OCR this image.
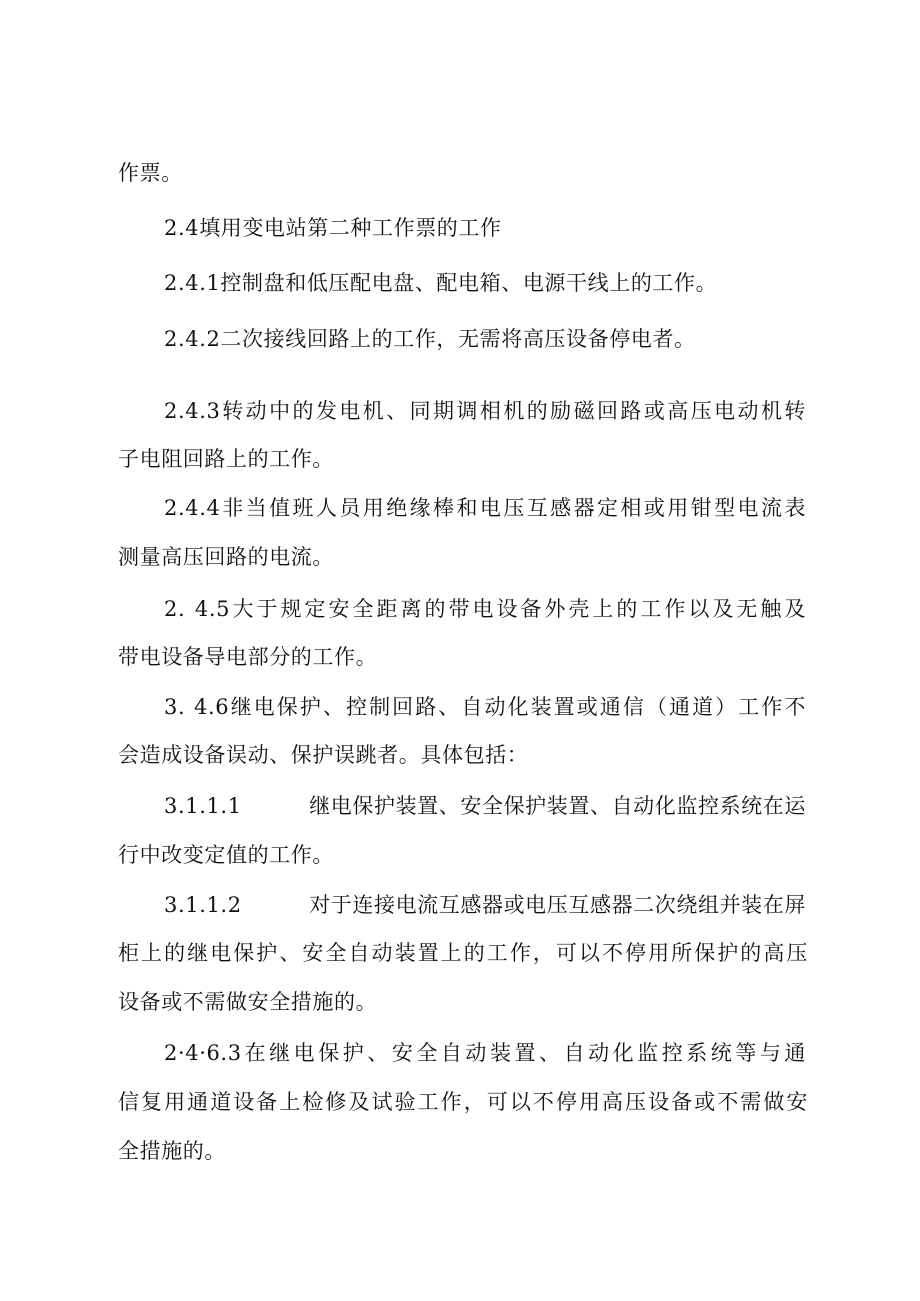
作票。
2.4填用变电站第二种工作票的工作
2.4.1控制盘和低压配电盘、配电箱、电源干线上的工作。
2.4.2二次接线回路上的工作，无需将高压设备停电者。
2.4.3转动中的发电机、同期调相机的励磁回路或高压电动机转
子电阻回路上的工作。
2.4.4非当值班人员用绝缘棒和电压互感器定相或用钳型电流表
测量高压回路的电流。
2. 4.5大于规定安全距离的带电设备外壳上的工作以及无触及
带电设备导电部分的工作。
3. 4.6继电保护、控制回路、自动化装置或通信（通道）工作不
会造成设备误动、保护误跳者。具体包括：
3.1.1.1	继电保护装置、安全保护装置、自动化监控系统在运
行中改变定值的工作。
3.1.1.2	对于连接电流互感器或电压互感器二次绕组并装在屏
柜上的继电保护、安全自动装置上的工作，可以不停用所保护的高压
设备或不需做安全措施的。
2·4·6.3在继电保护、安全自动装置、自动化监控系统等与通
信复用通道设备上检修及试验工作，可以不停用高压设备或不需做安
全措施的。
